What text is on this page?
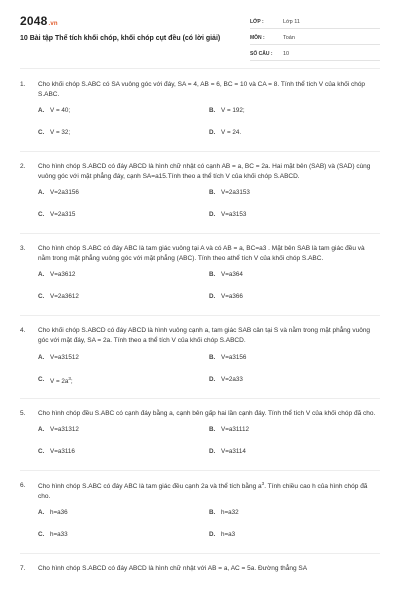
2048.vn
10 Bài tập Thể tích khối chóp, khối chóp cụt đều (có lời giải)
LỚP :	Lớp 11
MÔN :	Toán
SỐ CÂU :	10
1.	Cho khối chóp S.ABC có SA vuông góc với đáy, SA = 4, AB = 6, BC = 10 và CA = 8. Tính thể tích V của khối chóp S.ABC.
A. V = 40;	B. V = 192;
C. V = 32;	D. V = 24.
2.	Cho hình chóp S.ABCD có đáy ABCD là hình chữ nhật có cạnh AB = a, BC = 2a. Hai mặt bên (SAB) và (SAD) cùng vuông góc với mặt phẳng đáy, cạnh SA=a15.Tính theo a thể tích V của khối chóp S.ABCD.
A. V=2a3156	B. V=2a3153
C. V=2a315	D. V=a3153
3.	Cho hình chóp S.ABC có đáy ABC là tam giác vuông tại A và có AB = a, BC=a3 . Mặt bên SAB là tam giác đều và nằm trong mặt phẳng vuông góc với mặt phẳng (ABC). Tính theo athể tích V của khối chóp S.ABC.
A. V=a3612	B. V=a364
C. V=2a3612	D. V=a366
4.	Cho khối chóp S.ABCD có đáy ABCD là hình vuông cạnh a, tam giác SAB cân tại S và nằm trong mặt phẳng vuông góc với mặt đáy, SA = 2a. Tính theo a thể tích V của khối chóp S.ABCD.
A. V=a31512	B. V=a3156
C. $V = 2a^3$;	D. V=2a33
5.	Cho hình chóp đều S.ABC có cạnh đáy bằng a, cạnh bên gấp hai lần cạnh đáy. Tính thể tích V của khối chóp đã cho.
A. V=a31312	B. V=a31112
C. V=a3116	D. V=a3114
6.	Cho hình chóp S.ABC có đáy ABC là tam giác đều cạnh 2a và thể tích bằng $a^3$. Tính chiều cao h của hình chóp đã cho.
A. h=a36	B. h=a32
C. h=a33	D. h=a3
7.	Cho hình chóp S.ABCD có đáy ABCD là hình chữ nhật với AB = a, AC = 5a. Đường thẳng SA
